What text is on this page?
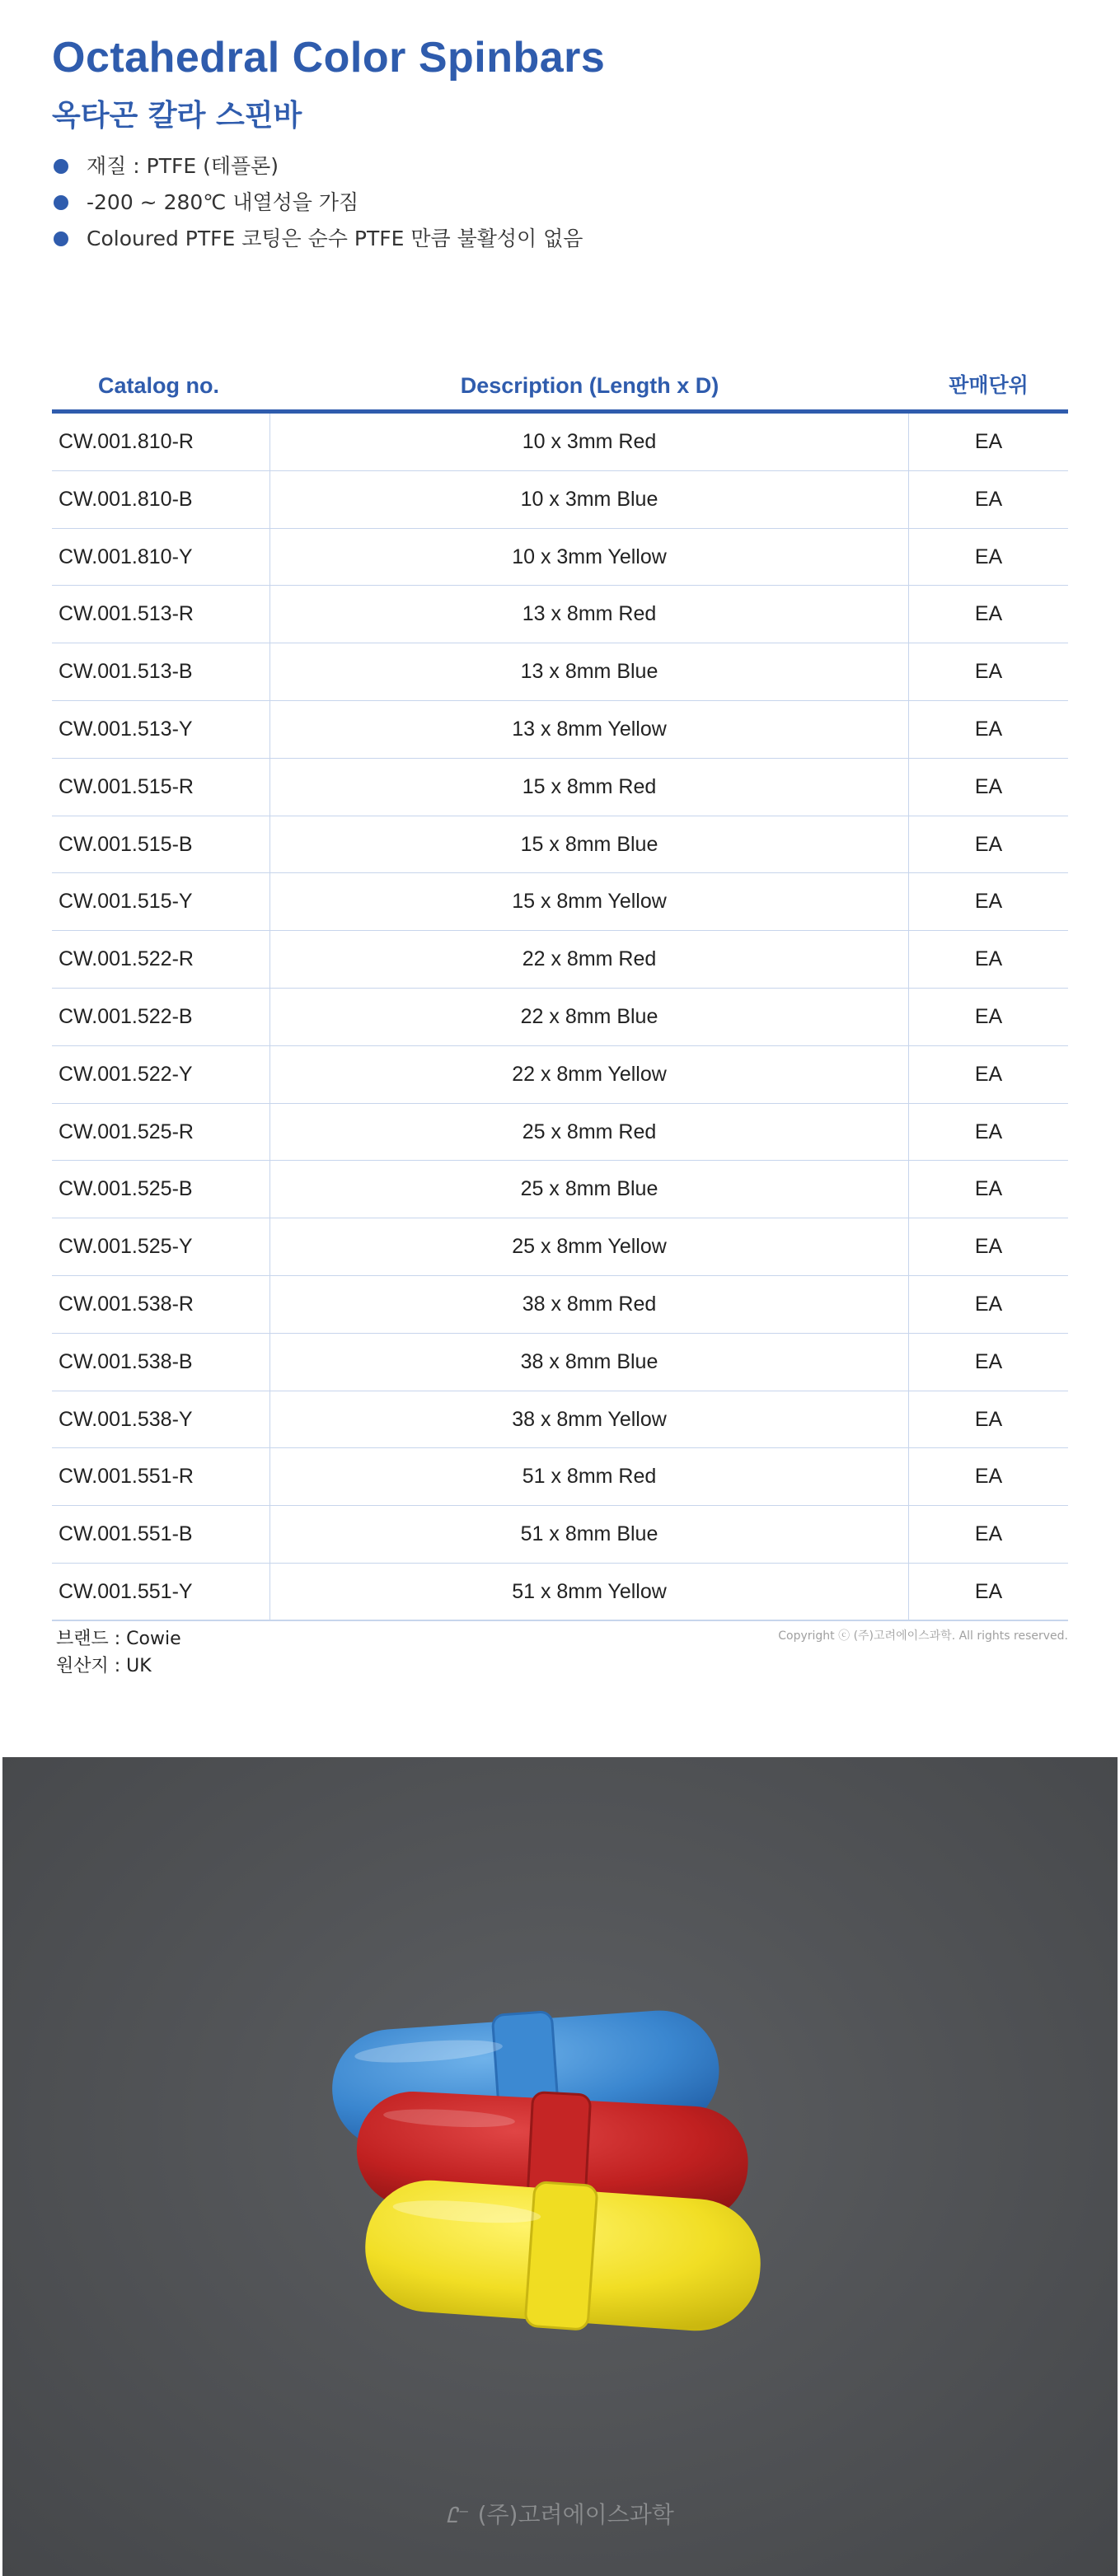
Octahedral Color Spinbars
옥타곤 칼라 스핀바
재질 : PTFE (테플론)
-200 ~ 280℃ 내열성을 가짐
Coloured PTFE 코팅은 순수 PTFE 만큼 불활성이 없음
Catalog no.	Description (Length x D)	판매단위
CW.001.810-R	10 x 3mm Red	EA
CW.001.810-B	10 x 3mm Blue	EA
CW.001.810-Y	10 x 3mm Yellow	EA
CW.001.513-R	13 x 8mm Red	EA
CW.001.513-B	13 x 8mm Blue	EA
CW.001.513-Y	13 x 8mm Yellow	EA
CW.001.515-R	15 x 8mm Red	EA
CW.001.515-B	15 x 8mm Blue	EA
CW.001.515-Y	15 x 8mm Yellow	EA
CW.001.522-R	22 x 8mm Red	EA
CW.001.522-B	22 x 8mm Blue	EA
CW.001.522-Y	22 x 8mm Yellow	EA
CW.001.525-R	25 x 8mm Red	EA
CW.001.525-B	25 x 8mm Blue	EA
CW.001.525-Y	25 x 8mm Yellow	EA
CW.001.538-R	38 x 8mm Red	EA
CW.001.538-B	38 x 8mm Blue	EA
CW.001.538-Y	38 x 8mm Yellow	EA
CW.001.551-R	51 x 8mm Red	EA
CW.001.551-B	51 x 8mm Blue	EA
CW.001.551-Y	51 x 8mm Yellow	EA
브랜드 : Cowie
원산지 : UK
Copyright ⓒ (주)고려에이스과학. All rights reserved.
Ꮭ⁻ (주)고려에이스과학
